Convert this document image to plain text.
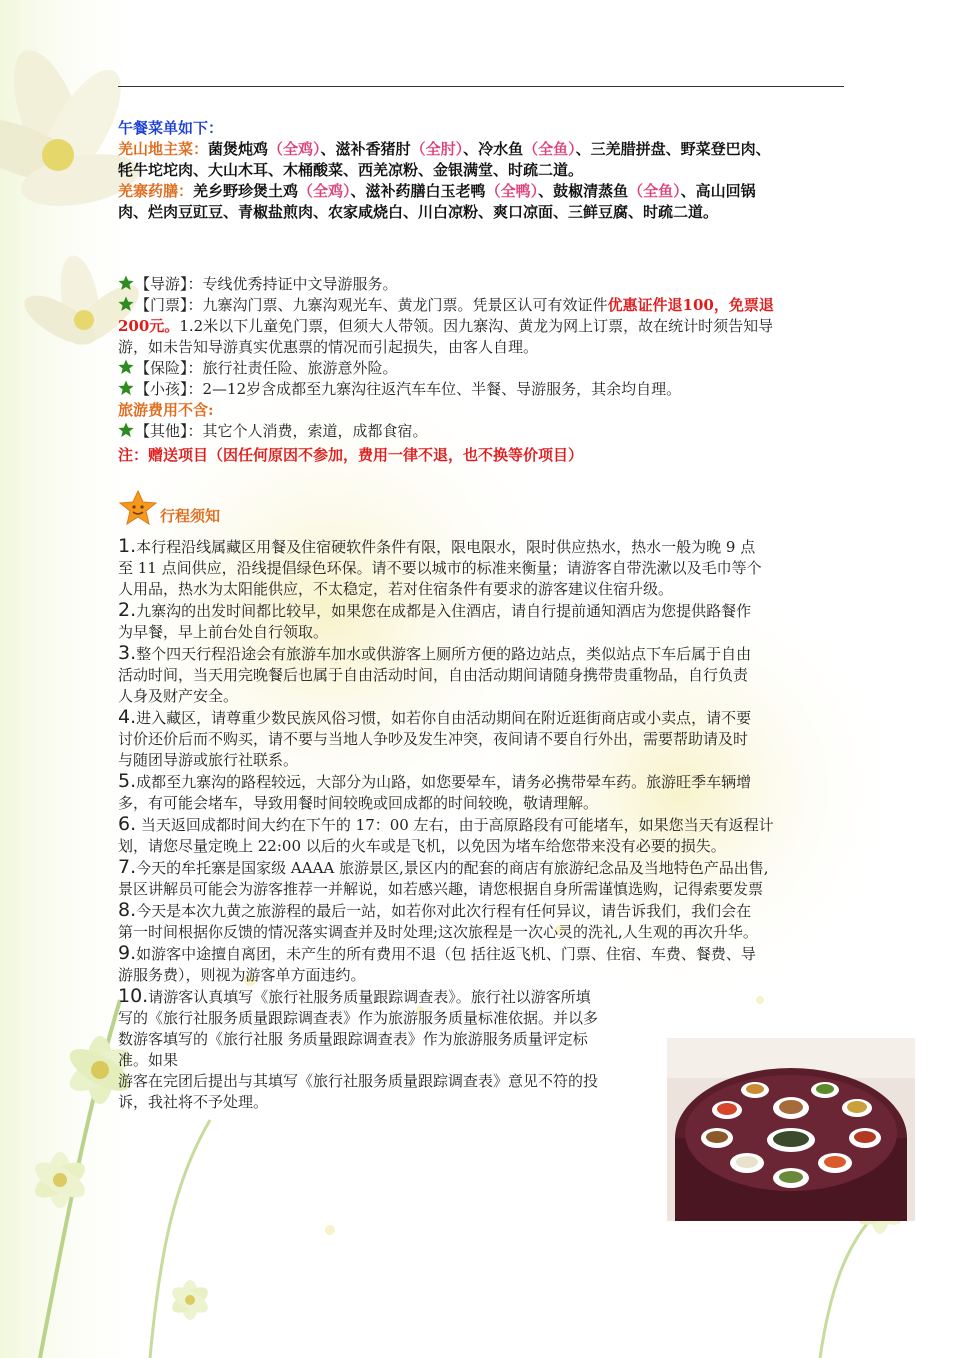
午餐菜单如下：

羌山地主菜：菌煲炖鸡（全鸡）、滋补香猪肘（全肘）、冷水鱼（全鱼）、三羌腊拼盘、野菜登巴肉、

牦牛坨坨肉、大山木耳、木桶酸菜、西羌凉粉、金银满堂、时疏二道。

羌寨药膳：羌乡野珍煲土鸡（全鸡）、滋补药膳白玉老鸭（全鸭）、鼓椒清蒸鱼（全鱼）、高山回锅

肉、烂肉豆豇豆、青椒盐煎肉、农家咸烧白、川白凉粉、爽口凉面、三鲜豆腐、时疏二道。

【导游】：专线优秀持证中文导游服务。

【门票】：九寨沟门票、九寨沟观光车、黄龙门票。凭景区认可有效证件优惠证件退100，免票退

200元。1.2米以下儿童免门票，但须大人带领。因九寨沟、黄龙为网上订票，故在统计时须告知导

游，如未告知导游真实优惠票的情况而引起损失，由客人自理。

【保险】：旅行社责任险、旅游意外险。

【小孩】：2—12岁含成都至九寨沟往返汽车车位、半餐、导游服务，其余均自理。

旅游费用不含:

【其他】：其它个人消费，索道，成都食宿。

注：赠送项目（因任何原因不参加，费用一律不退，也不换等价项目）

行程须知

1.本行程沿线属藏区用餐及住宿硬软件条件有限，限电限水，限时供应热水，热水一般为晚 9 点

至 11 点间供应，沿线提倡绿色环保。请不要以城市的标准来衡量；请游客自带洗漱以及毛巾等个

人用品，热水为太阳能供应，不太稳定，若对住宿条件有要求的游客建议住宿升级。

2.九寨沟的出发时间都比较早，如果您在成都是入住酒店，请自行提前通知酒店为您提供路餐作

为早餐，早上前台处自行领取。

3.整个四天行程沿途会有旅游车加水或供游客上厕所方便的路边站点，类似站点下车后属于自由

活动时间，当天用完晚餐后也属于自由活动时间，自由活动期间请随身携带贵重物品，自行负责

人身及财产安全。

4.进入藏区，请尊重少数民族风俗习惯，如若你自由活动期间在附近逛街商店或小卖点，请不要

讨价还价后而不购买，请不要与当地人争吵及发生冲突，夜间请不要自行外出，需要帮助请及时

与随团导游或旅行社联系。

5.成都至九寨沟的路程较远，大部分为山路，如您要晕车，请务必携带晕车药。旅游旺季车辆增

多，有可能会堵车，导致用餐时间较晚或回成都的时间较晚，敬请理解。

6. 当天返回成都时间大约在下午的 17：00 左右，由于高原路段有可能堵车，如果您当天有返程计

划，请您尽量定晚上 22:00 以后的火车或是飞机，以免因为堵车给您带来没有必要的损失。

7.今天的牟托寨是国家级 AAAA 旅游景区,景区内的配套的商店有旅游纪念品及当地特色产品出售,

景区讲解员可能会为游客推荐一并解说，如若感兴趣，请您根据自身所需谨慎选购，记得索要发票

8.今天是本次九黄之旅游程的最后一站，如若你对此次行程有任何异议，请告诉我们，我们会在

第一时间根据你反馈的情况落实调查并及时处理;这次旅程是一次心灵的洗礼,人生观的再次升华。

9.如游客中途擅自离团，未产生的所有费用不退（包 括往返飞机、门票、住宿、车费、餐费、导

游服务费），则视为游客单方面违约。

10.请游客认真填写《旅行社服务质量跟踪调查表》。旅行社以游客所填

写的《旅行社服务质量跟踪调查表》作为旅游服务质量标准依据。并以多

数游客填写的《旅行社服 务质量跟踪调查表》作为旅游服务质量评定标

准。如果

游客在完团后提出与其填写《旅行社服务质量跟踪调查表》意见不符的投

诉，我社将不予处理。
